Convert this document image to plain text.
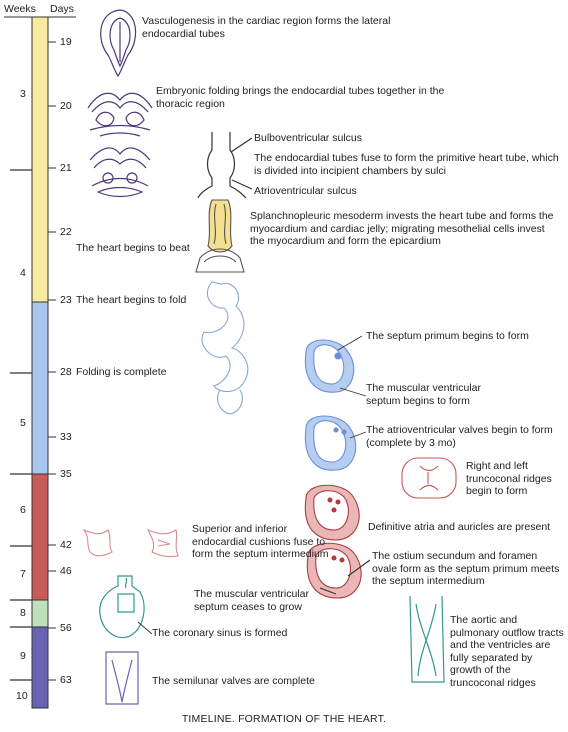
Weeks Days
3
4
5
6
7
8
9
10
19
20
21
22
23
28
33
35
42
46
56
63
The heart begins to beat
The heart begins to fold
Folding is complete
Vasculogenesis in the cardiac region forms the lateral endocardial tubes
Embryonic folding brings the endocardial tubes together in the thoracic region
Bulboventricular sulcus
The endocardial tubes fuse to form the primitive heart tube, which is divided into incipient chambers by sulci
Atrioventricular sulcus
Splanchnopleuric mesoderm invests the heart tube and forms the myocardium and cardiac jelly; migrating mesothelial cells invest the myocardium and form the epicardium
The septum primum begins to form
The muscular ventricular septum begins to form
The atrioventricular valves begin to form (complete by 3 mo)
Right and left truncoconal ridges begin to form
Definitive atria and auricles are present
Superior and inferior endocardial cushions fuse to form the septum intermedium	The ostium secundum and foramen ovale form as the septum primum meets the septum intermedium
The muscular ventricular septum ceases to grow
The coronary sinus is formed
The aortic and pulmonary outflow tracts and the ventricles are fully separated by growth of the truncoconal ridges
The semilunar valves are complete
TIMELINE. FORMATION OF THE HEART.
